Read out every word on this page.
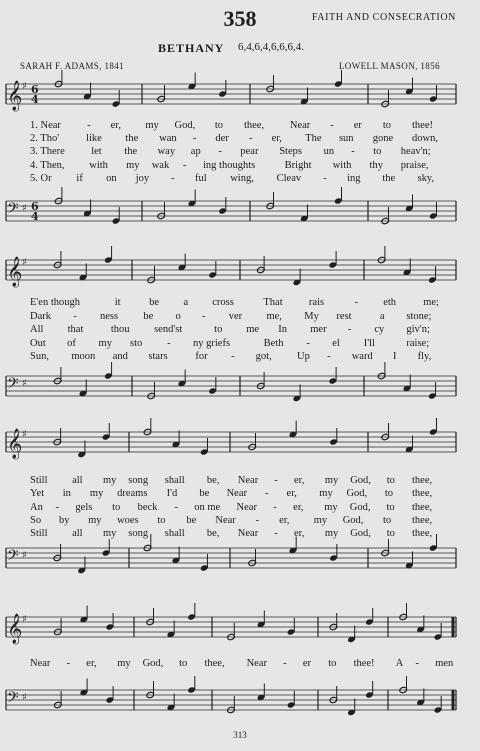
358	FAITH AND CONSECRATION
BETHANY 6,4,6,4,6,6,6,4.
SARAH F. ADAMS, 1841	LOWELL MASON, 1856
𝄞 ♯ 6
4
𝄢 ♯ 6
4
1. Near - er, my God, to thee, Near - er to thee!
2. Tho'	like the wan - der - er, The sun gone down,
3. There	let the way ap - pear Steps un - to heav'n;
4. Then, with my wak - ing thoughts	Bright with thy praise,
5. Or if on joy - ful wing, Cleav - ing the sky,
𝄞 ♯
𝄢 ♯
E'en though	it	be a cross	That	rais	- eth	me;
Dark - ness be o - ver me, My rest	a stone;
All that	thou send'st	to me In mer - cy giv'n;
Out of my sto - ny griefs	Beth - el I'll	raise;
Sun, moon and stars	for - got, Up - ward I fly,
𝄞 ♯
𝄢 ♯
Still all my song shall be, Near - er, my God, to thee,
Yet in my dreams I'd be Near - er, my God, to thee,
An - gels to beck - on me Near - er, my God, to thee,
So by my woes to be Near - er, my God, to thee,
Still all my song shall be, Near - er, my God, to thee,
𝄞 ♯
𝄢 ♯
Near - er, my God, to thee, Near - er to thee! A - men
313
